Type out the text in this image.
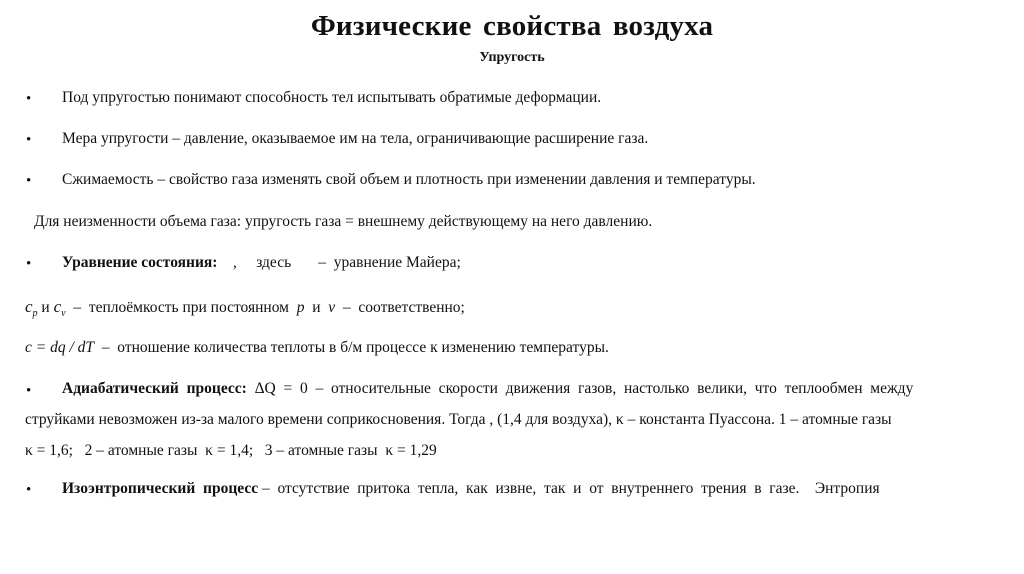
Физические свойства воздуха
Упругость
• Под упругостью понимают способность тел испытывать обратимые деформации.
• Мера упругости – давление, оказываемое им на тела, ограничивающие расширение газа.
• Сжимаемость – свойство газа изменять свой объем и плотность при изменении давления и температуры.
Для неизменности объема газа: упругость газа = внешнему действующему на него давлению.
• Уравнение состояния:    ,     здесь       –  уравнение Майера;
$c_p$ и $c_v$  –  теплоёмкость при постоянном  p  и  v  –  соответственно;
c = dq / dT  –  отношение количества теплоты в б/м процессе к изменению температуры.
• Адиабатический  процесс:  ΔQ  =  0  –  относительные  скорости  движения  газов,  настолько  велики,  что  теплообмен  между
струйками невозможен из-за малого времени соприкосновения. Тогда , (1,4 для воздуха), κ – константа Пуассона. 1 – атомные газы
κ = 1,6;   2 – атомные газы  κ = 1,4;   3 – атомные газы  κ = 1,29
• Изоэнтропический  процесс –  отсутствие  притока  тепла,  как  извне,  так  и  от  внутреннего  трения  в  газе.    Энтропия
